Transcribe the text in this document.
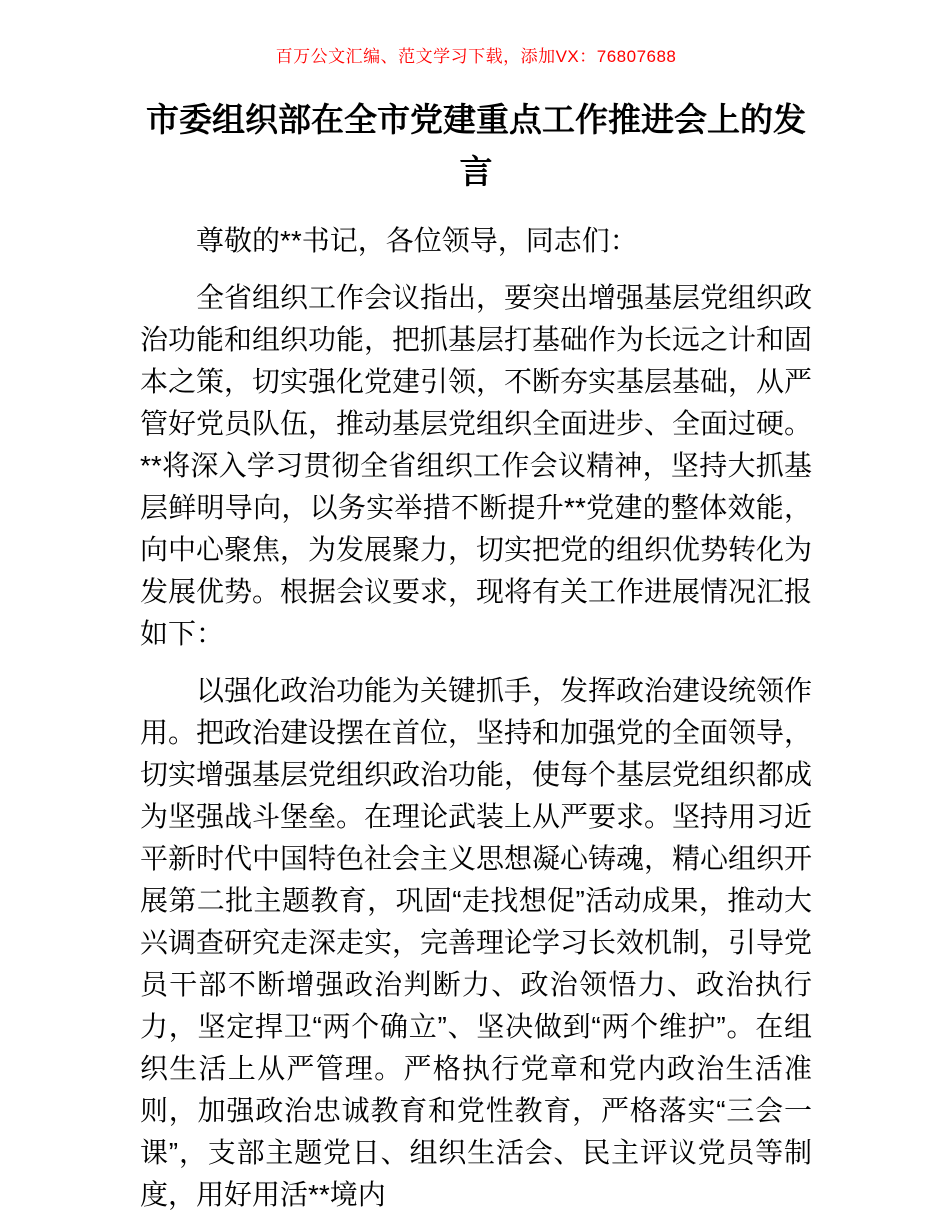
百万公文汇编、范文学习下载，添加VX：76807688
市委组织部在全市党建重点工作推进会上的发言

尊敬的**书记，各位领导，同志们：

全省组织工作会议指出，要突出增强基层党组织政治功能和组织功能，把抓基层打基础作为长远之计和固本之策，切实强化党建引领，不断夯实基层基础，从严管好党员队伍，推动基层党组织全面进步、全面过硬。**将深入学习贯彻全省组织工作会议精神，坚持大抓基层鲜明导向，以务实举措不断提升**党建的整体效能，向中心聚焦，为发展聚力，切实把党的组织优势转化为发展优势。根据会议要求，现将有关工作进展情况汇报如下：

以强化政治功能为关键抓手，发挥政治建设统领作用。把政治建设摆在首位，坚持和加强党的全面领导，切实增强基层党组织政治功能，使每个基层党组织都成为坚强战斗堡垒。在理论武装上从严要求。坚持用习近平新时代中国特色社会主义思想凝心铸魂，精心组织开展第二批主题教育，巩固“走找想促”活动成果，推动大兴调查研究走深走实，完善理论学习长效机制，引导党员干部不断增强政治判断力、政治领悟力、政治执行力，坚定捍卫“两个确立”、坚决做到“两个维护”。在组织生活上从严管理。严格执行党章和党内政治生活准则，加强政治忠诚教育和党性教育，严格落实“三会一课”，支部主题党日、组织生活会、民主评议党员等制度，用好用活**境内
